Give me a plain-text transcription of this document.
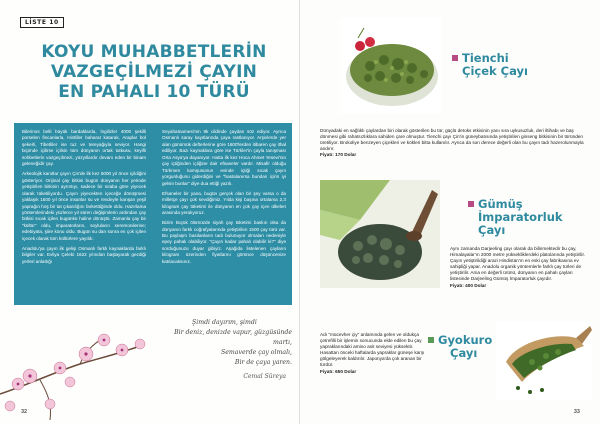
LİSTE 10
KOYU MUHABBETLERİN
VAZGEÇİLMEZİ ÇAYIN
EN PAHALI 10 TÜRÜ

Bilerinos belli büyük bardaklarda, İngilizler 4000 şekilli porselen fincanlarla, Hintliler baharat katarak, Araplar bol şekerli, Tibetliler ise tuz ve tereyağıyla seviyor. Hangi biçimde içilirse içilsin tüm dünyanın ortak tutkusu, keyifli sohbetlerin vazgeçilmezi, yüzyıllardır devam eden bir binam geleneğidir çay.

Arkeolojik kanıtlar çayın Çin'de ilk kez 6000 yıl önce içildiğini gösteriyor. Orijinal çay bitkisi bugün dünyanın her yerinde yetiştirilen bitkinin ayrıntıyı, sadece bir sıtaba göre yiyecek olarak tüketiliyordu. Çayın yiyecekten içeceğe dönüşmesi yaklaşık 1500 yıl önce insanlar su ve rendeyle karışan yeşil yaprağın hoş bir tat çıkardığını farketttiğinde oldu. Hazırlama yöntemlerindeki yüzlerce yıl süren değişimlerin ardından çay bitkisi sıcak içilen bugünkü haline dönüştü. Zamanla çay bir "kültür" oldu, imparatorların, soyluların seremonilerine; edebiyata, şiire konu oldu. Bugün su dan sonra en çok içilen içecek olarak tüm kültürlere yayıldı.

Anadolu'ya çayın ilk gelişi Osmanlı farklı kaynaklarda farklı bilgiler var. Evliya Çelebi 1622 yılından başlayarak gezdiği yerleri anlattığı

Seyahatnamesi'nin 8k cildinde çaydan söz ediyor. Ayrıca Osmanlı saray kayıtlarında çaya rastlanıyor. Arşivlerde yer alan günümük defterlerine göre 1600'lerden itibaren çay ithal ediliyor. Bazı kaynaklara göre ise Türkler'in çayla tanışması Orta Asya'ya dayanıyor. Hatta ilk kez Hoca Ahmet Yesevi'nin çay içtiğinden içtiğine dair efsaneler vardır. Misafir olduğu Türkmen komşusunun evinde içtiği sıcak çayın yorgunluğunu giderdiğini ve "hastalanırsa bundan içirin iyi gelsin bunlar" diye dua ettiği yazılı.

Efsaneler bir yana, bugün gerçek olan bir şey varsa o da milletçe çayı çok sevdiğimiz. Yılda kişi başına ortalama 2,3 kilogram çay tüketimi ile dünyanın en çok çay içen ülkeleri arasında yeralıyoruz.

Bizim küçük ölümüzde siyah çay tüketimi baskın olsa da dünyanın farklı coğrafyalarında yetiştirilen 1500 çay türü var. Bu paylaşm basılanların tadı bulunuyor olmaları nedeniyle epey pahalı olabiliyor. "Çayın kadar pahalı olabilir ki?" diye sorduğunuzu duyar gibiyiz. Aşağıda listelenen çayların kilogram üzerinden fiyatlarını görünce düşüncenize katılacaksınız.

Şimdi dayırım, şimdi
Bir deniz, denizde vapur, güzgüsünde martı,
Semaverde çay olmalı,
Bir de çaya yaren.
Cemal Süreya
32
Tienchi
Çiçek Çayı
Dünyadaki en sağlıklı çaylardan biri olarak gösterilen bu tür, güçlü detoks etkisinin yanı sıra uykusuzluk, deri iltihabı ve baş dönmesi gibi rahatsızlıklara sahiden çare olmuştur. Tienchi çayı Çin'in güneybatısında yetiştirilen ginseng bitkisinin bir türünden üretiliyor. Brokoliye benzeyen çiçekleri ve kökleri bitta kullanılır. Ayrıca da son derece değerli olan bu çayın tadı hazerolunmayla andırır.
Fiyatı: 170 Dolar
Gümüş
İmparatorluk
Çayı
Aynı zamanda Darjeeling çayı olarak da bilinmektedir bu çay, Himalayalar'ın 2000 metre yüksekliklerdeki platolarında yetiştirilir. Çayın yetiştirildiği arazi Hindistan'ın en eski çay fabrikasına ev sahipliği yapar. Anadolu organik yöntemlerle farklı çay türleri de yetiştirilir. Ama en değerli ürünü, dünyanın en pahalı çayları listesinde Darjeeling Gümüş İmparatorluk çayıdır.
Fiyatı: 400 Dolar
Adı "mücevher çiy" anlamında gelen ve oldukça çetrefilli bir işlemin sonucunda elde edilen bu çay yapraklarındaki amino asit seviyesi yüksektir. Hasattan önceki haftalarda yapraklar güneşe karşı gölgeleyerek kaldırılır. Japonya'da çok aranan bir türdür.
Fiyatı: 650 Dolar
Gyokuro
Çayı
33
